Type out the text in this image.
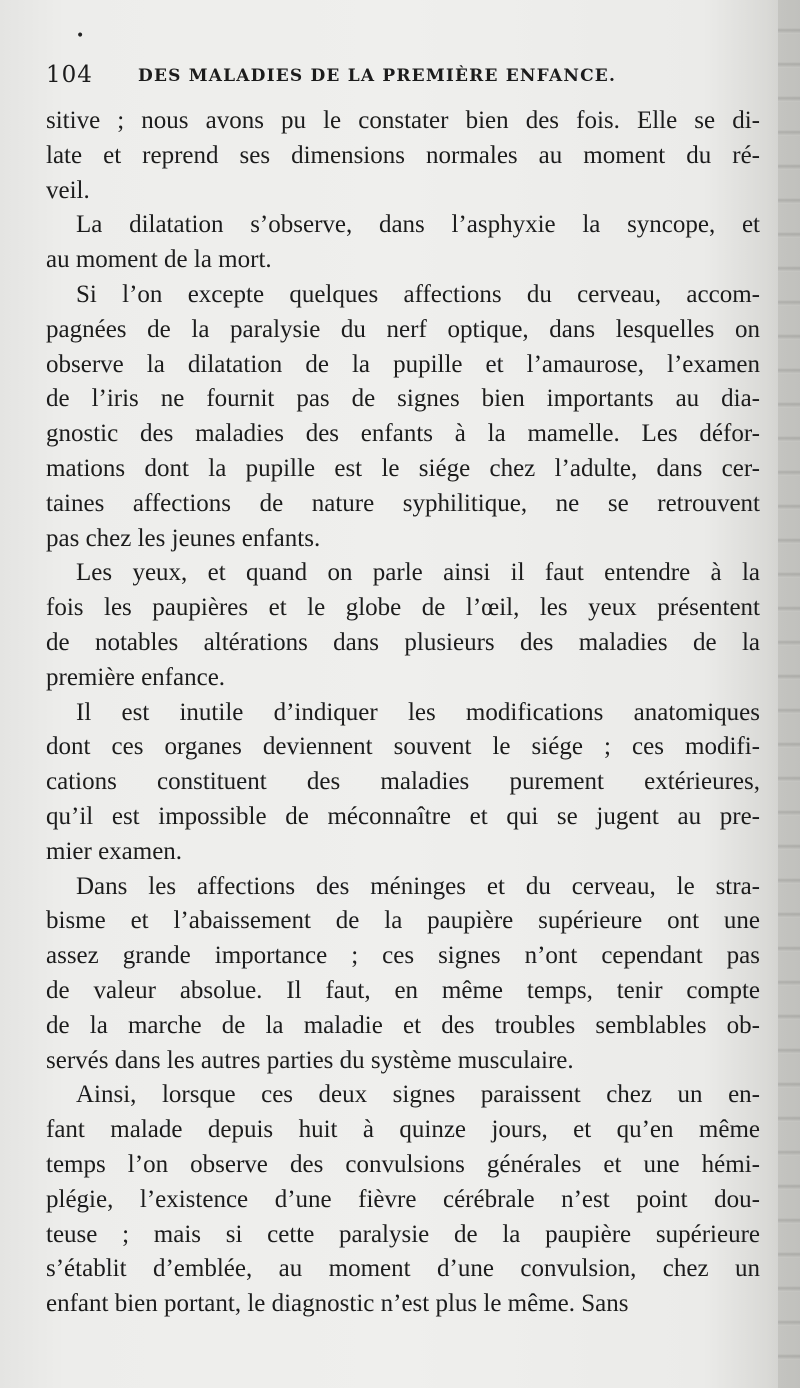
•
104	DES MALADIES DE LA PREMIÈRE ENFANCE.
sitive ; nous avons pu le constater bien des fois. Elle se di-
late et reprend ses dimensions normales au moment du ré-
veil.
La dilatation s’observe, dans l’asphyxie la syncope, et
au moment de la mort.
Si l’on excepte quelques affections du cerveau, accom-
pagnées de la paralysie du nerf optique, dans lesquelles on
observe la dilatation de la pupille et l’amaurose, l’examen
de l’iris ne fournit pas de signes bien importants au dia-
gnostic des maladies des enfants à la mamelle. Les défor-
mations dont la pupille est le siége chez l’adulte, dans cer-
taines affections de nature syphilitique, ne se retrouvent
pas chez les jeunes enfants.
Les yeux, et quand on parle ainsi il faut entendre à la
fois les paupières et le globe de l’œil, les yeux présentent
de notables altérations dans plusieurs des maladies de la
première enfance.
Il est inutile d’indiquer les modifications anatomiques
dont ces organes deviennent souvent le siége ; ces modifi-
cations constituent des maladies purement extérieures,
qu’il est impossible de méconnaître et qui se jugent au pre-
mier examen.
Dans les affections des méninges et du cerveau, le stra-
bisme et l’abaissement de la paupière supérieure ont une
assez grande importance ; ces signes n’ont cependant pas
de valeur absolue. Il faut, en même temps, tenir compte
de la marche de la maladie et des troubles semblables ob-
servés dans les autres parties du système musculaire.
Ainsi, lorsque ces deux signes paraissent chez un en-
fant malade depuis huit à quinze jours, et qu’en même
temps l’on observe des convulsions générales et une hémi-
plégie, l’existence d’une fièvre cérébrale n’est point dou-
teuse ; mais si cette paralysie de la paupière supérieure
s’établit d’emblée, au moment d’une convulsion, chez un
enfant bien portant, le diagnostic n’est plus le même. Sans
